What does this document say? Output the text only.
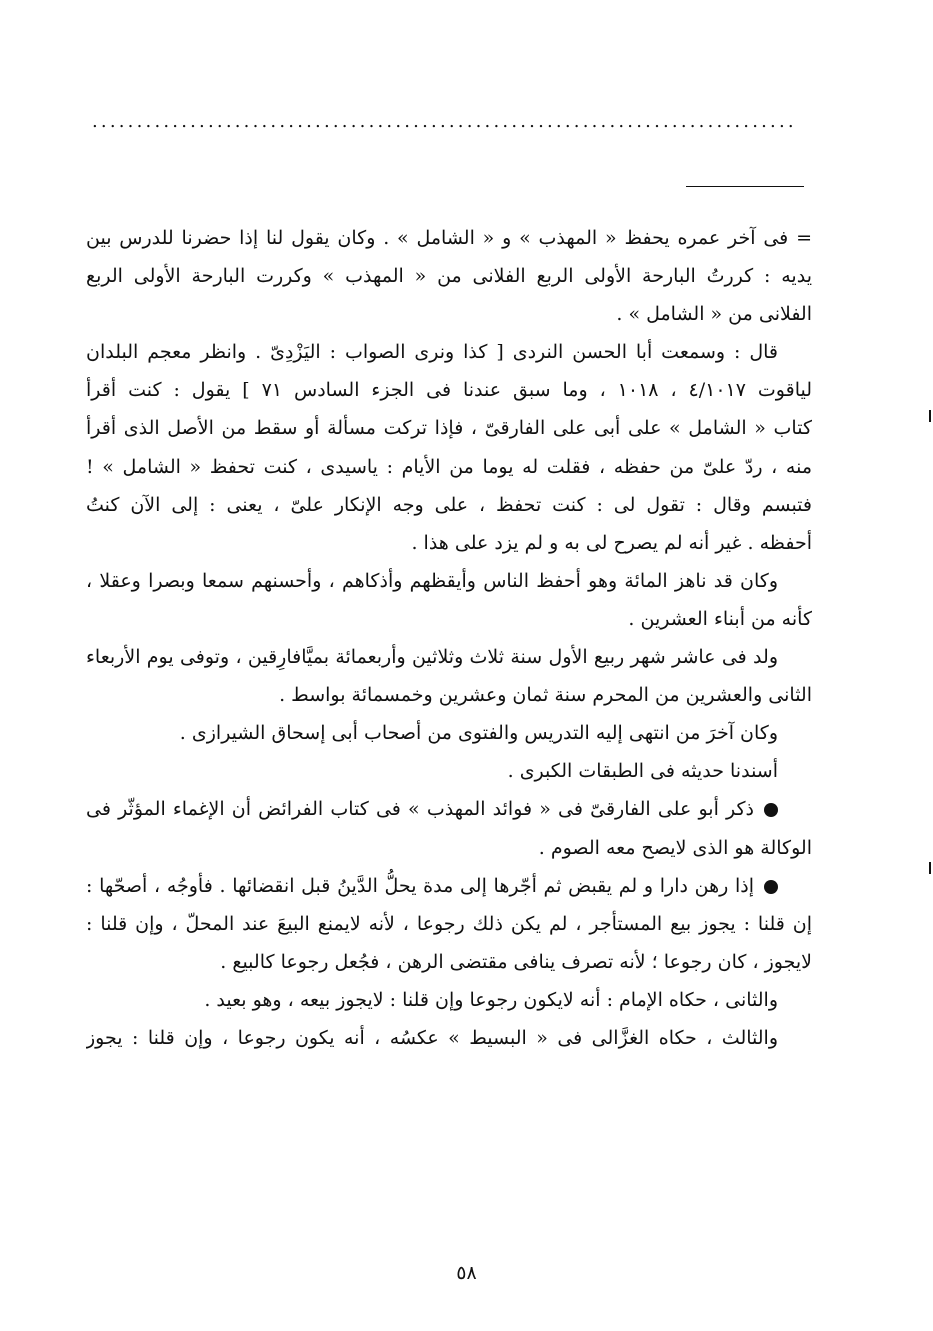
...............................................................................
= فى آخر عمره يحفظ « المهذب » و « الشامل » . وكان يقول لنا إذا حضرنا للدرس بين
يديه : كررتُ البارحة الأولى الربع الفلانى من « المهذب » وكررت البارحة الأولى الربع
الفلانى من « الشامل » .
قال : وسمعت أبا الحسن النردى [ كذا ونرى الصواب : اليَزْدِىّ . وانظر معجم البلدان
لياقوت ٤/١٠١٧ ، ١٠١٨ ، وما سبق عندنا فى الجزء السادس ٧١ ] يقول : كنت أقرأ
كتاب « الشامل » على أبى على الفارقىّ ، فإذا تركت مسألة أو سقط من الأصل الذى أقرأ
منه ، ردّ علىّ من حفظه ، فقلت له يوما من الأيام : ياسيدى ، كنت تحفظ « الشامل » !
فتبسم وقال : تقول لى : كنت تحفظ ، على وجه الإنكار علىّ ، يعنى : إلى الآن كنتُ
أحفظه . غير أنه لم يصرح لى به و لم يزد على هذا .
وكان قد ناهز المائة وهو أحفظ الناس وأيقظهم وأذكاهم ، وأحسنهم سمعا وبصرا وعقلا ،
كأنه من أبناء العشرين .
ولد فى عاشر شهر ربيع الأول سنة ثلاث وثلاثين وأربعمائة بميَّافارِقين ، وتوفى يوم الأربعاء
الثانى والعشرين من المحرم سنة ثمان وعشرين وخمسمائة بواسط .
وكان آخرَ من انتهى إليه التدريس والفتوى من أصحاب أبى إسحاق الشيرازى .
أسندنا حديثه فى الطبقات الكبرى .
ذكر أبو على الفارقىّ فى « فوائد المهذب » فى كتاب الفرائض أن الإغماء المؤثّر فى
الوكالة هو الذى لايصح معه الصوم .
إذا رهن دارا و لم يقبض ثم أجّرها إلى مدة يحلُّ الدَّينُ قبل انقضائها . فأوجُه ، أصحّها :
إن قلنا : يجوز بيع المستأجر ، لم يكن ذلك رجوعا ، لأنه لايمنع البيعَ عند المحلّ ، وإن قلنا :
لايجوز ، كان رجوعا ؛ لأنه تصرف ينافى مقتضى الرهن ، فجُعل رجوعا كالبيع .
والثانى ، حكاه الإمام : أنه لايكون رجوعا وإن قلنا : لايجوز بيعه ، وهو بعيد .
والثالث ، حكاه الغزَّالى فى « البسيط » عكسُه ، أنه يكون رجوعا ، وإن قلنا : يجوز
٥٨
